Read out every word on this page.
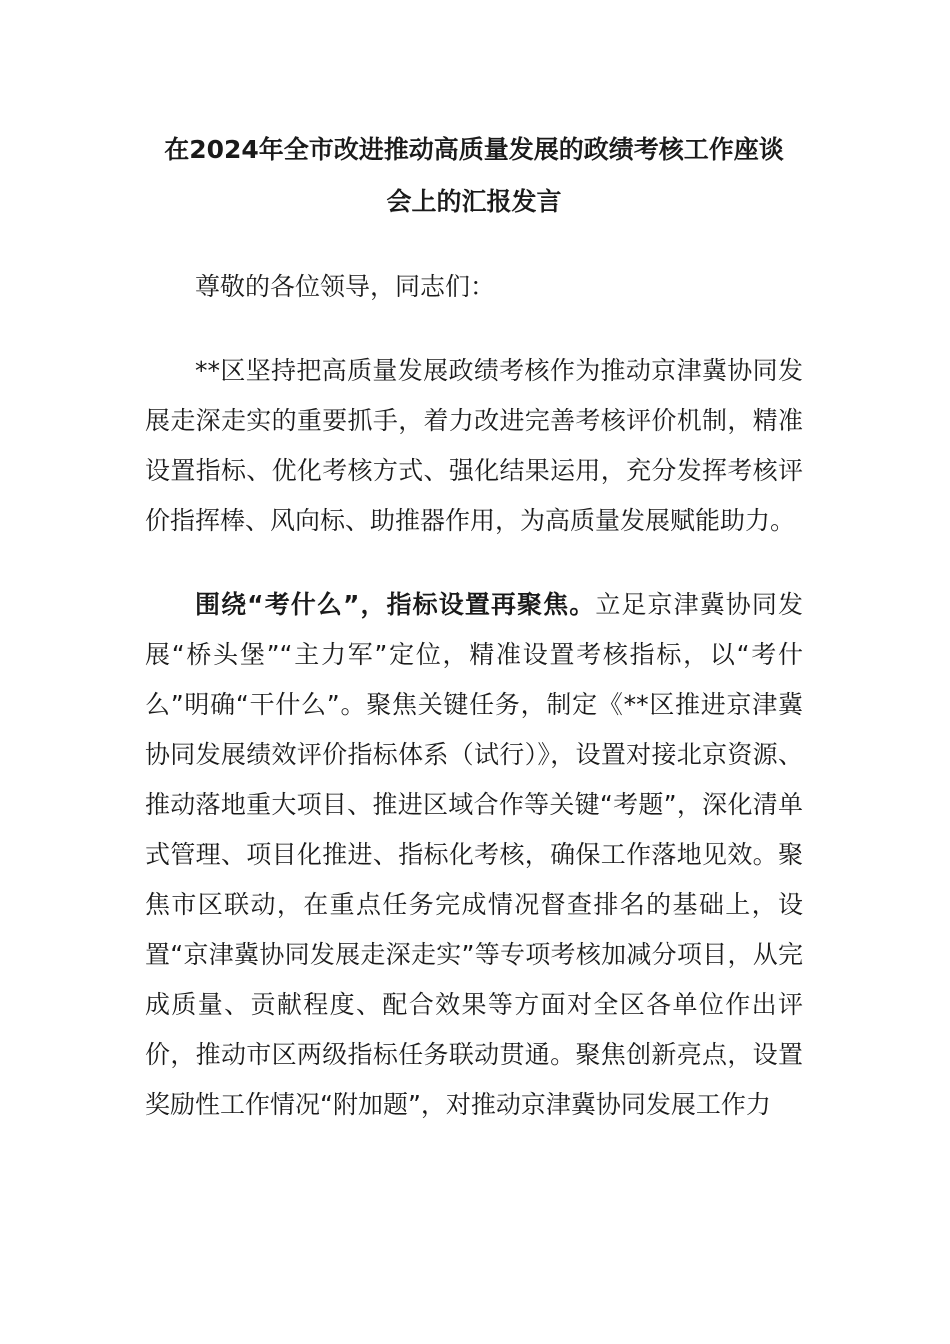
在2024年全市改进推动高质量发展的政绩考核工作座谈
会上的汇报发言

尊敬的各位领导，同志们：

**区坚持把高质量发展政绩考核作为推动京津冀协同发展走深走实的重要抓手，着力改进完善考核评价机制，精准设置指标、优化考核方式、强化结果运用，充分发挥考核评价指挥棒、风向标、助推器作用，为高质量发展赋能助力。

围绕“考什么”，指标设置再聚焦。立足京津冀协同发展“桥头堡”“主力军”定位，精准设置考核指标，以“考什么”明确“干什么”。聚焦关键任务，制定《**区推进京津冀协同发展绩效评价指标体系（试行）》，设置对接北京资源、推动落地重大项目、推进区域合作等关键“考题”，深化清单式管理、项目化推进、指标化考核，确保工作落地见效。聚焦市区联动，在重点任务完成情况督查排名的基础上，设置“京津冀协同发展走深走实”等专项考核加减分项目，从完成质量、贡献程度、配合效果等方面对全区各单位作出评价，推动市区两级指标任务联动贯通。聚焦创新亮点，设置奖励性工作情况“附加题”，对推动京津冀协同发展工作力
